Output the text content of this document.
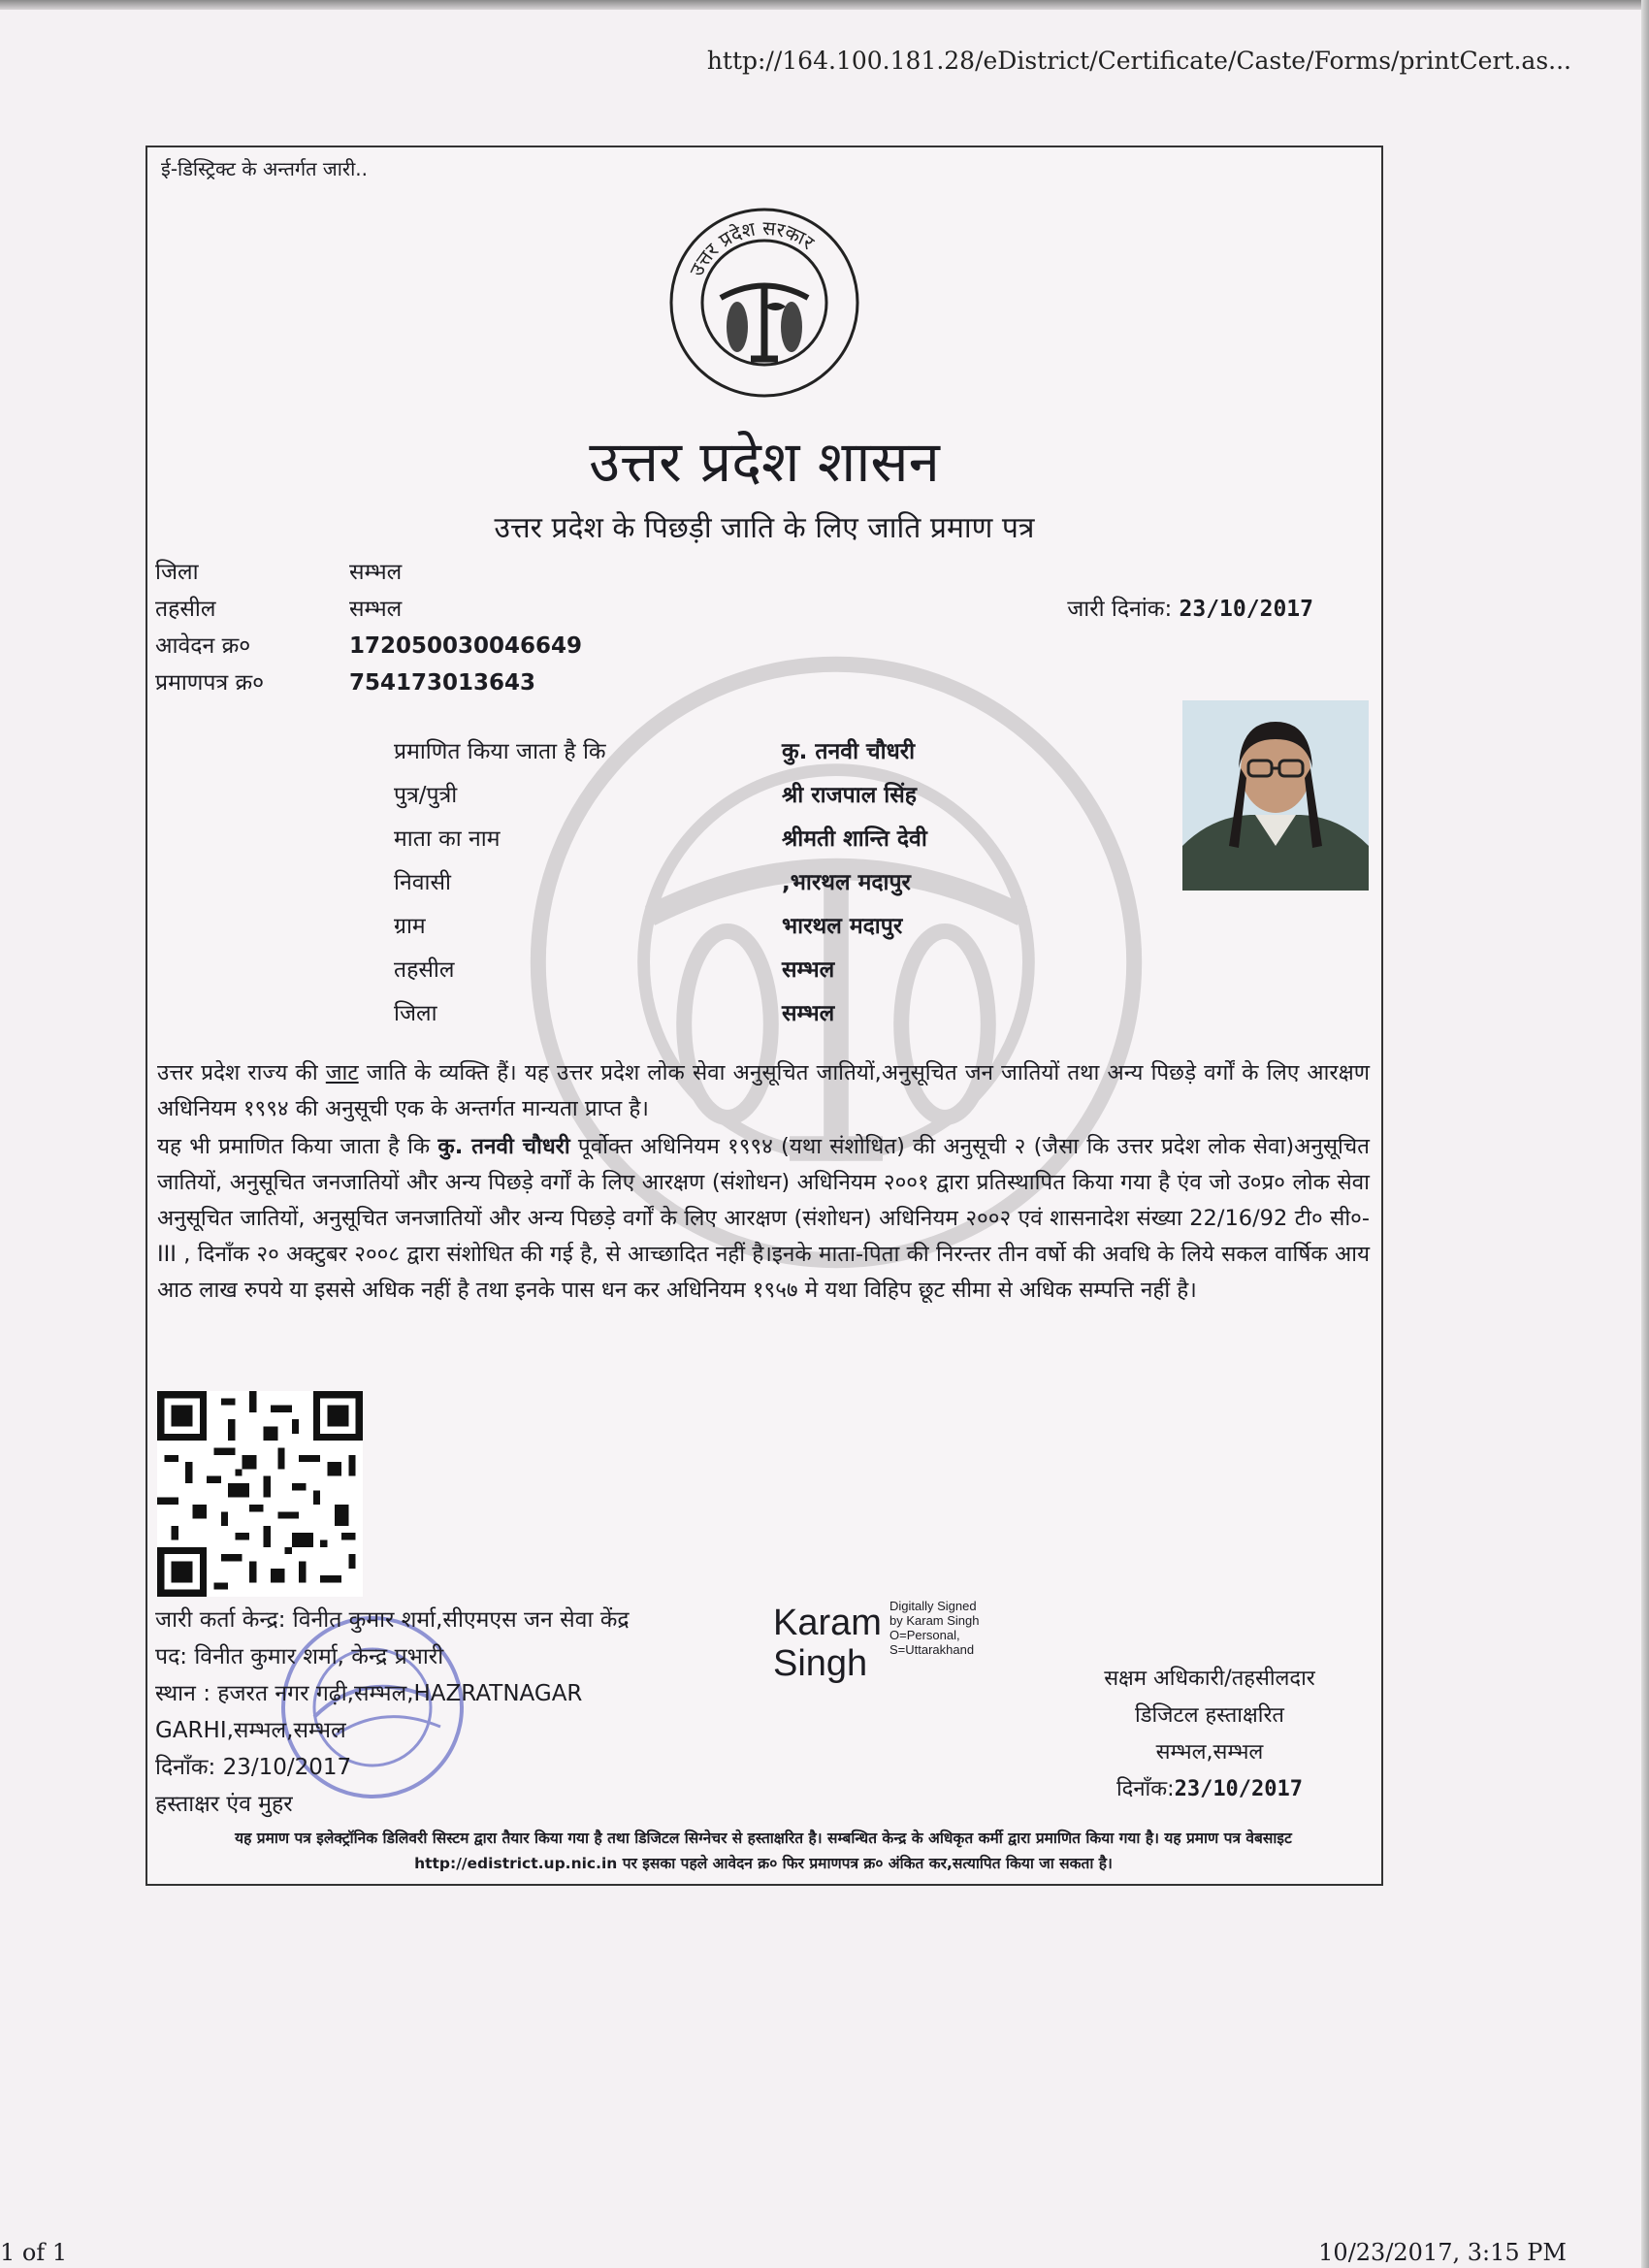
http://164.100.181.28/eDistrict/Certificate/Caste/Forms/printCert.as...
ई-डिस्ट्रिक्ट के अन्तर्गत जारी..
उत्तर प्रदेश सरकार
उत्तर प्रदेश शासन
उत्तर प्रदेश के पिछड़ी जाति के लिए जाति प्रमाण पत्र
जिला	सम्भल
तहसील	सम्भल
आवेदन क्र०	172050030046649
प्रमाणपत्र क्र०	754173013643
जारी दिनांक: 23/10/2017
प्रमाणित किया जाता है कि	कु. तनवी चौधरी
पुत्र/पुत्री	श्री राजपाल सिंह
माता का नाम	श्रीमती शान्ति देवी
निवासी	,भारथल मदापुर
ग्राम	भारथल मदापुर
तहसील	सम्भल
जिला	सम्भल
उत्तर प्रदेश राज्य की जाट जाति के व्यक्ति हैं। यह उत्तर प्रदेश लोक सेवा अनुसूचित जातियों,अनुसूचित जन जातियों तथा अन्य पिछड़े वर्गों के लिए आरक्षण अधिनियम १९९४ की अनुसूची एक के अन्तर्गत मान्यता प्राप्त है।
यह भी प्रमाणित किया जाता है कि कु. तनवी चौधरी पूर्वोक्त अधिनियम १९९४ (यथा संशोधित) की अनुसूची २ (जैसा कि उत्तर प्रदेश लोक सेवा)अनुसूचित जातियों, अनुसूचित जनजातियों और अन्य पिछड़े वर्गों के लिए आरक्षण (संशोधन) अधिनियम २००१ द्वारा प्रतिस्थापित किया गया है एंव जो उ०प्र० लोक सेवा अनुसूचित जातियों, अनुसूचित जनजातियों और अन्य पिछड़े वर्गों के लिए आरक्षण (संशोधन) अधिनियम २००२ एवं शासनादेश संख्या 22/16/92 टी० सी०-III , दिनाँक २० अक्टुबर २००८ द्वारा संशोधित की गई है, से आच्छादित नहीं है।इनके माता-पिता की निरन्तर तीन वर्षो की अवधि के लिये सकल वार्षिक आय आठ लाख रुपये या इससे अधिक नहीं है तथा इनके पास धन कर अधिनियम १९५७ मे यथा विहिप छूट सीमा से अधिक सम्पत्ति नहीं है।
जारी कर्ता केन्द्र: विनीत कुमार शर्मा,सीएमएस जन सेवा केंद्र
पद: विनीत कुमार शर्मा, केन्द्र प्रभारी
स्थान : हजरत नगर गढ़ी,सम्भल,HAZRATNAGAR
GARHI,सम्भल,सम्भल
दिनाँक: 23/10/2017
हस्ताक्षर एंव मुहर
Karam
Singh
Digitally Signed
by Karam Singh
O=Personal,
S=Uttarakhand
सक्षम अधिकारी/तहसीलदार
डिजिटल हस्ताक्षरित
सम्भल,सम्भल
दिनाँक:23/10/2017
यह प्रमाण पत्र इलेक्ट्रॉनिक डिलिवरी सिस्टम द्वारा तैयार किया गया है तथा डिजिटल सिग्नेचर से हस्ताक्षरित है। सम्बन्धित केन्द्र के अधिकृत कर्मी द्वारा प्रमाणित किया गया है। यह प्रमाण पत्र वेबसाइट http://edistrict.up.nic.in पर इसका पहले आवेदन क्र० फिर प्रमाणपत्र क्र० अंकित कर,सत्यापित किया जा सकता है।
1 of 1	10/23/2017, 3:15 PM
